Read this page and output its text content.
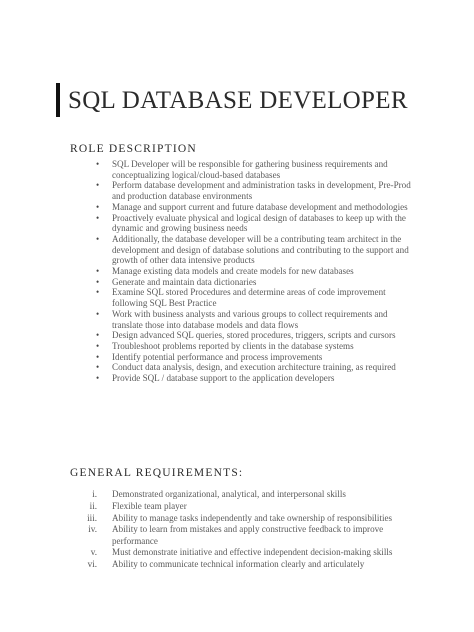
SQL DATABASE DEVELOPER
ROLE DESCRIPTION
• SQL Developer will be responsible for gathering business requirements and conceptualizing logical/cloud-based databases
• Perform database development and administration tasks in development, Pre-Prod and production database environments
• Manage and support current and future database development and methodologies
• Proactively evaluate physical and logical design of databases to keep up with the dynamic and growing business needs
• Additionally, the database developer will be a contributing team architect in the development and design of database solutions and contributing to the support and growth of other data intensive products
• Manage existing data models and create models for new databases
• Generate and maintain data dictionaries
• Examine SQL stored Procedures and determine areas of code improvement following SQL Best Practice
• Work with business analysts and various groups to collect requirements and translate those into database models and data flows
• Design advanced SQL queries, stored procedures, triggers, scripts and cursors
• Troubleshoot problems reported by clients in the database systems
• Identify potential performance and process improvements
• Conduct data analysis, design, and execution architecture training, as required
• Provide SQL / database support to the application developers
GENERAL REQUIREMENTS:
i. Demonstrated organizational, analytical, and interpersonal skills
ii. Flexible team player
iii. Ability to manage tasks independently and take ownership of responsibilities
iv. Ability to learn from mistakes and apply constructive feedback to improve performance
v. Must demonstrate initiative and effective independent decision-making skills
vi. Ability to communicate technical information clearly and articulately
